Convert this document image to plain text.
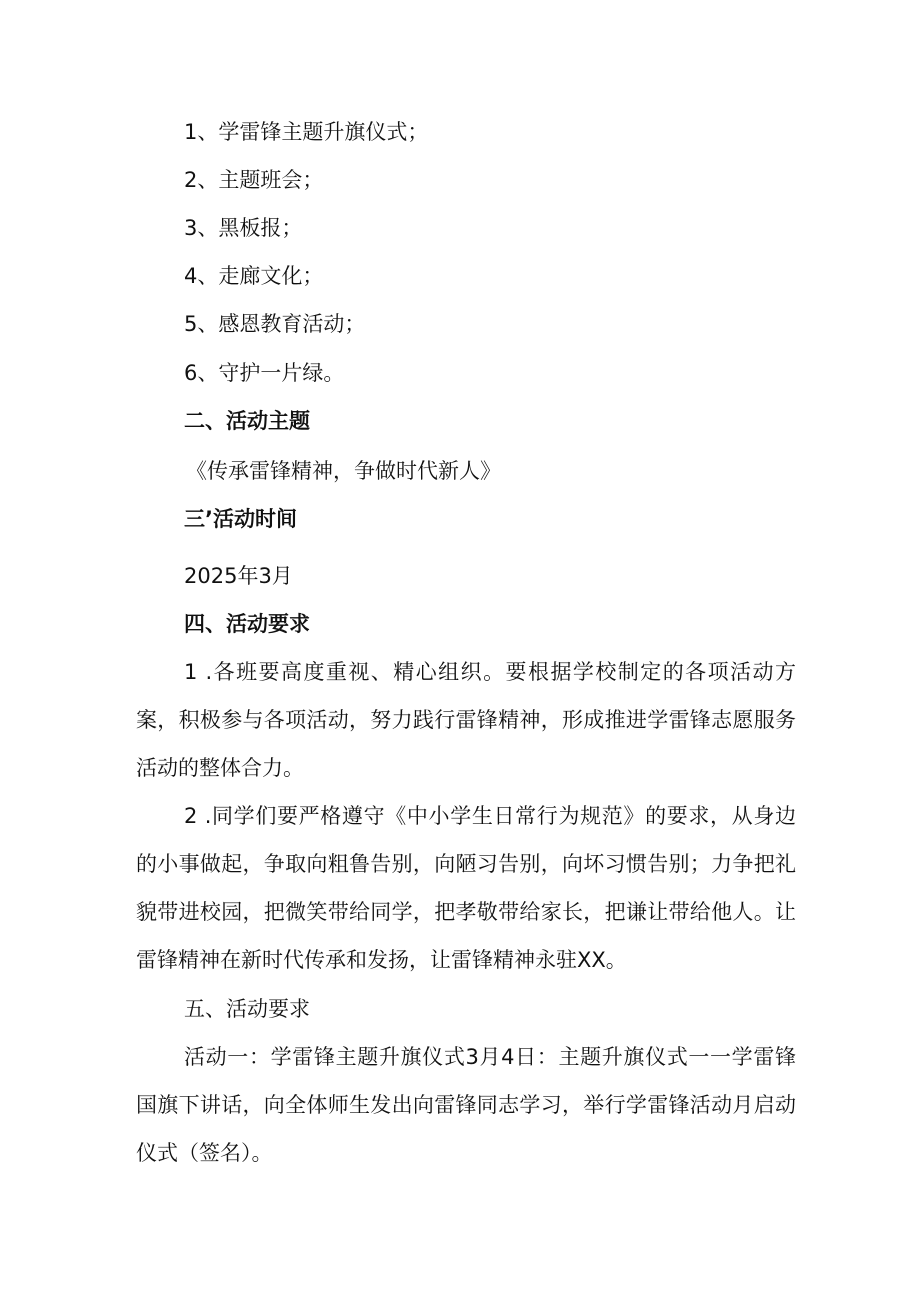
1、学雷锋主题升旗仪式；
2、主题班会；
3、黑板报；
4、走廊文化；
5、感恩教育活动；
6、守护一片绿。
二、活动主题
《传承雷锋精神，争做时代新人》
三’活动时间
2025年3月
四、活动要求
1 .各班要高度重视、精心组织。要根据学校制定的各项活动方案，积极参与各项活动，努力践行雷锋精神，形成推进学雷锋志愿服务活动的整体合力。
2 .同学们要严格遵守《中小学生日常行为规范》的要求，从身边的小事做起，争取向粗鲁告别，向陋习告别，向坏习惯告别；力争把礼貌带进校园，把微笑带给同学，把孝敬带给家长，把谦让带给他人。让雷锋精神在新时代传承和发扬，让雷锋精神永驻XX。
五、活动要求
活动一：学雷锋主题升旗仪式3月4日：主题升旗仪式一一学雷锋国旗下讲话，向全体师生发出向雷锋同志学习，举行学雷锋活动月启动仪式（签名）。
